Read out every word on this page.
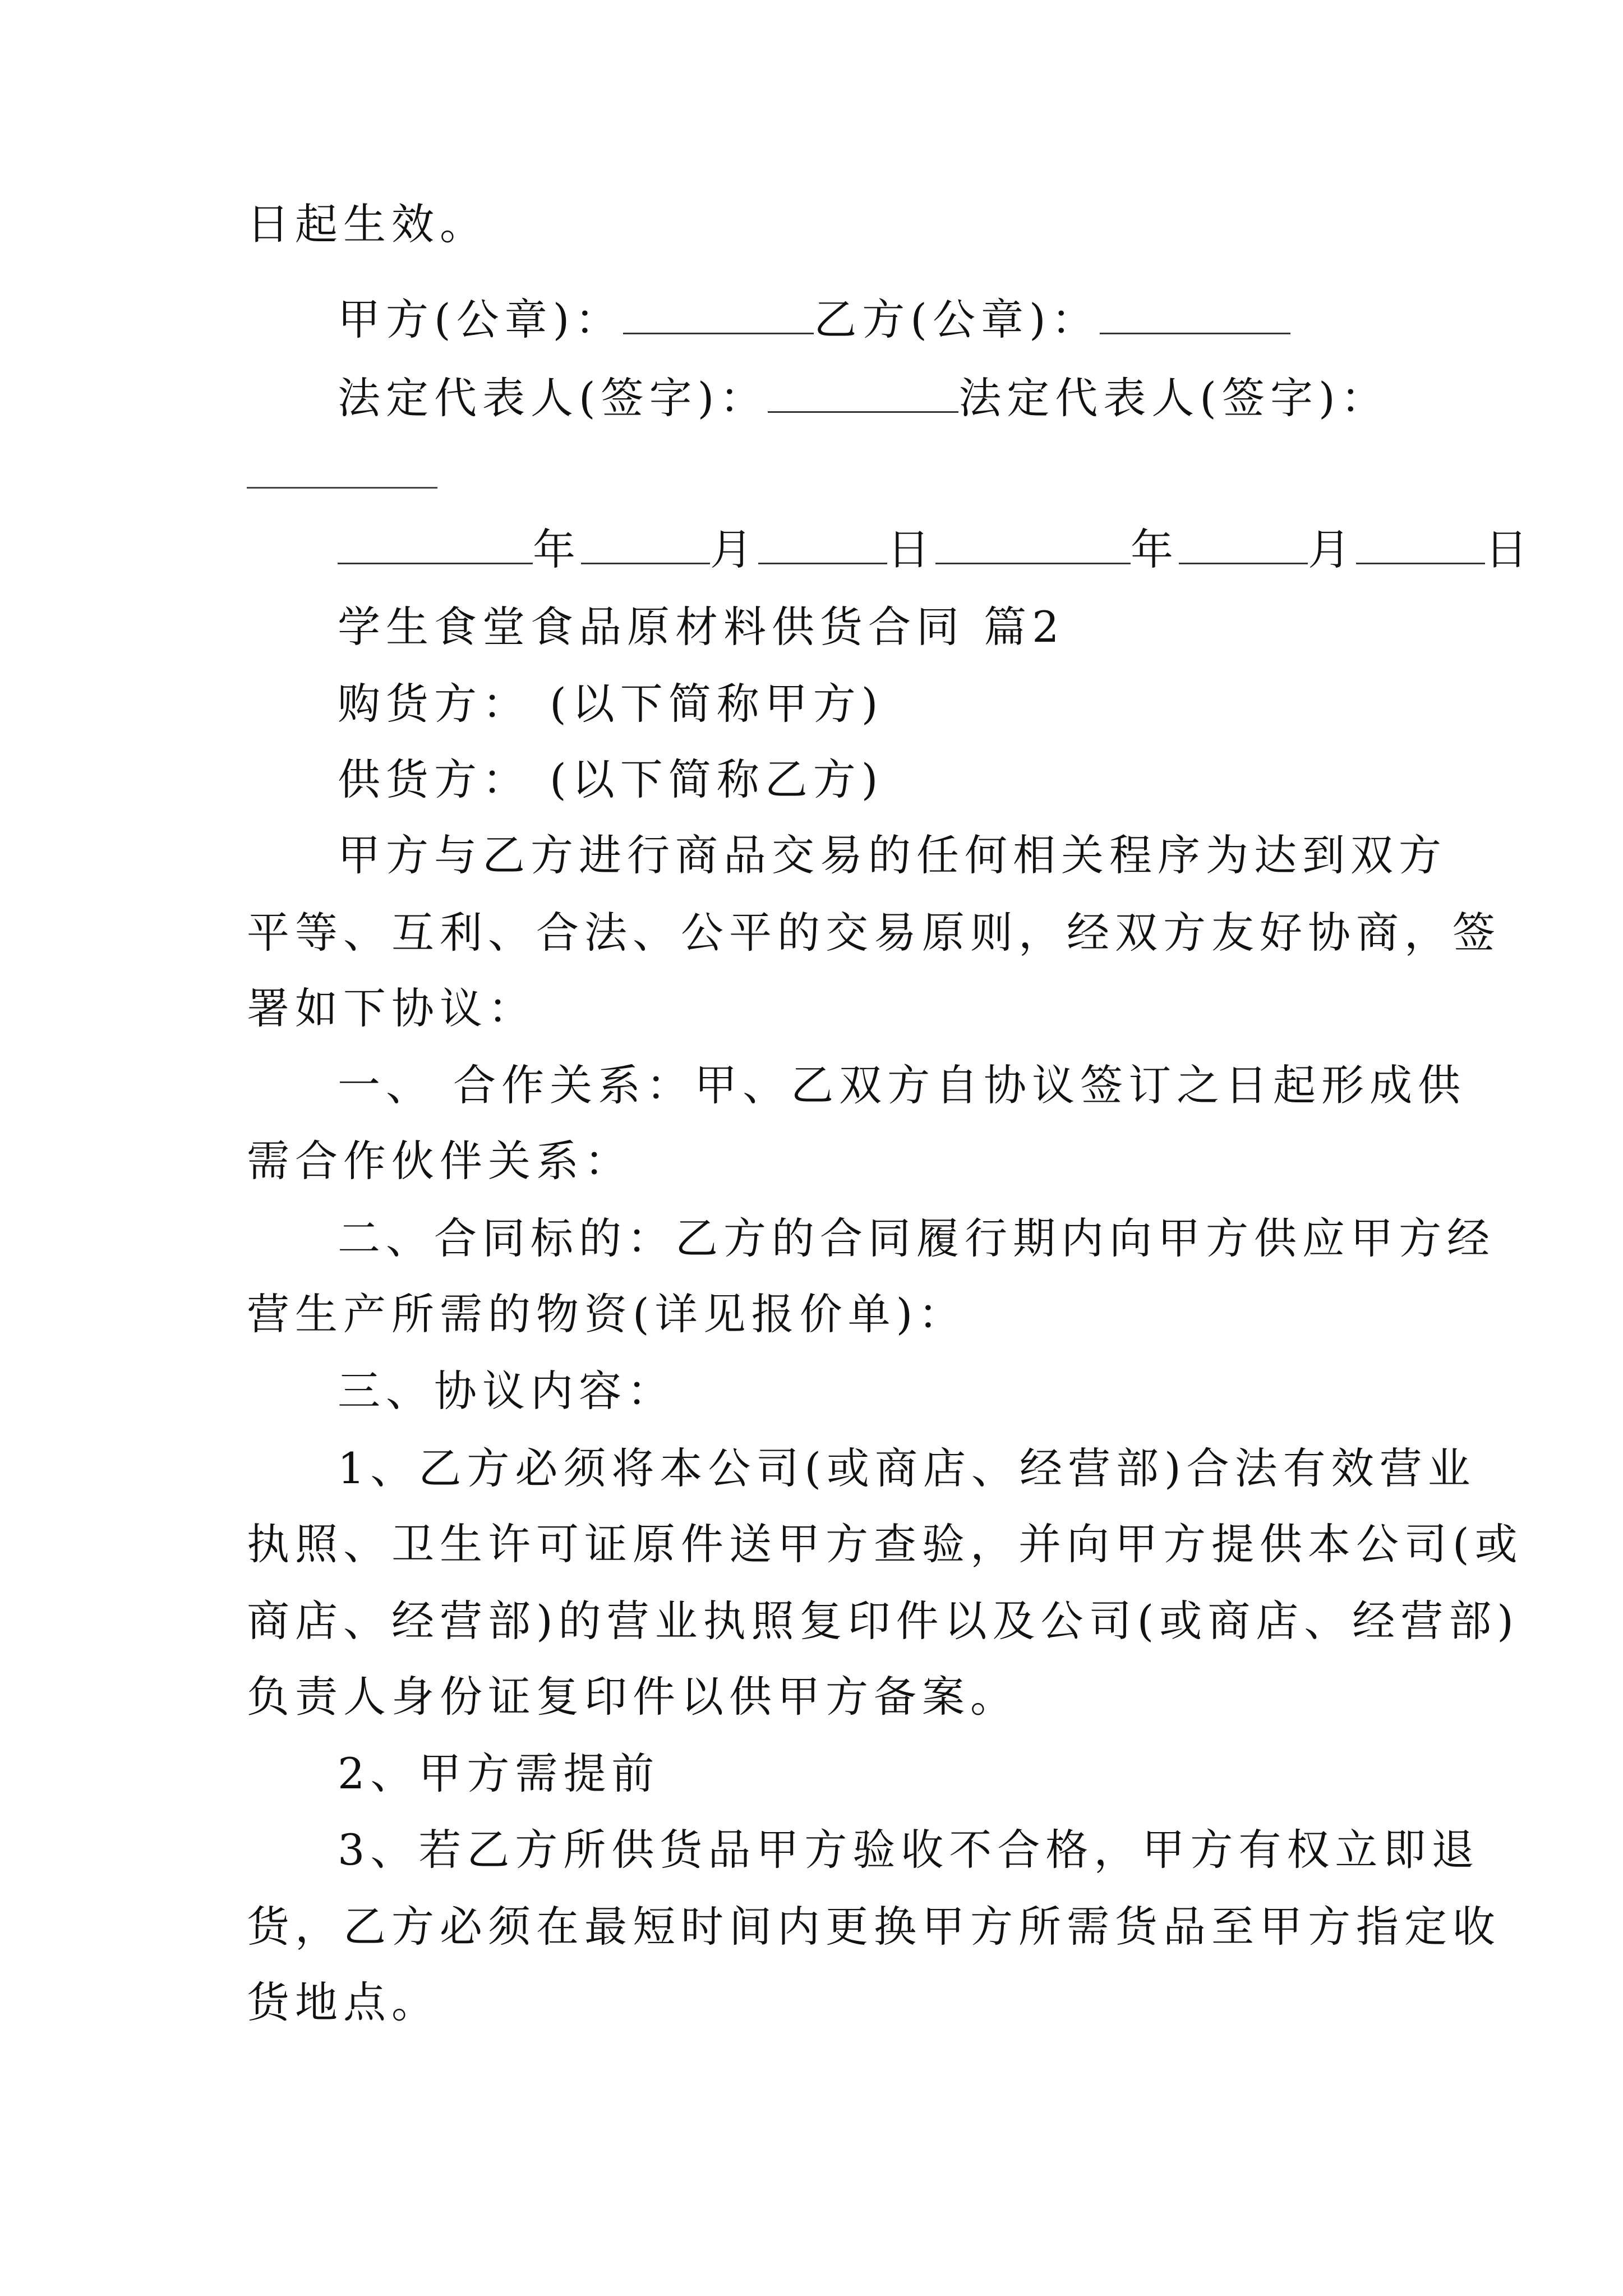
日起生效。
甲方(公章)：	乙方(公章)：
法定代表人(签字)：	法定代表人(签字)：
年	月	日	年	月	日
学生食堂食品原材料供货合同 篇2
购货方： (以下简称甲方)
供货方： (以下简称乙方)
甲方与乙方进行商品交易的任何相关程序为达到双方
平等、互利、合法、公平的交易原则，经双方友好协商，签
署如下协议：
一、 合作关系：甲、乙双方自协议签订之日起形成供
需合作伙伴关系：
二、合同标的：乙方的合同履行期内向甲方供应甲方经
营生产所需的物资(详见报价单)：
三、协议内容：
1、乙方必须将本公司(或商店、经营部)合法有效营业
执照、卫生许可证原件送甲方查验，并向甲方提供本公司(或
商店、经营部)的营业执照复印件以及公司(或商店、经营部)
负责人身份证复印件以供甲方备案。
2、甲方需提前
3、若乙方所供货品甲方验收不合格，甲方有权立即退
货，乙方必须在最短时间内更换甲方所需货品至甲方指定收
货地点。
